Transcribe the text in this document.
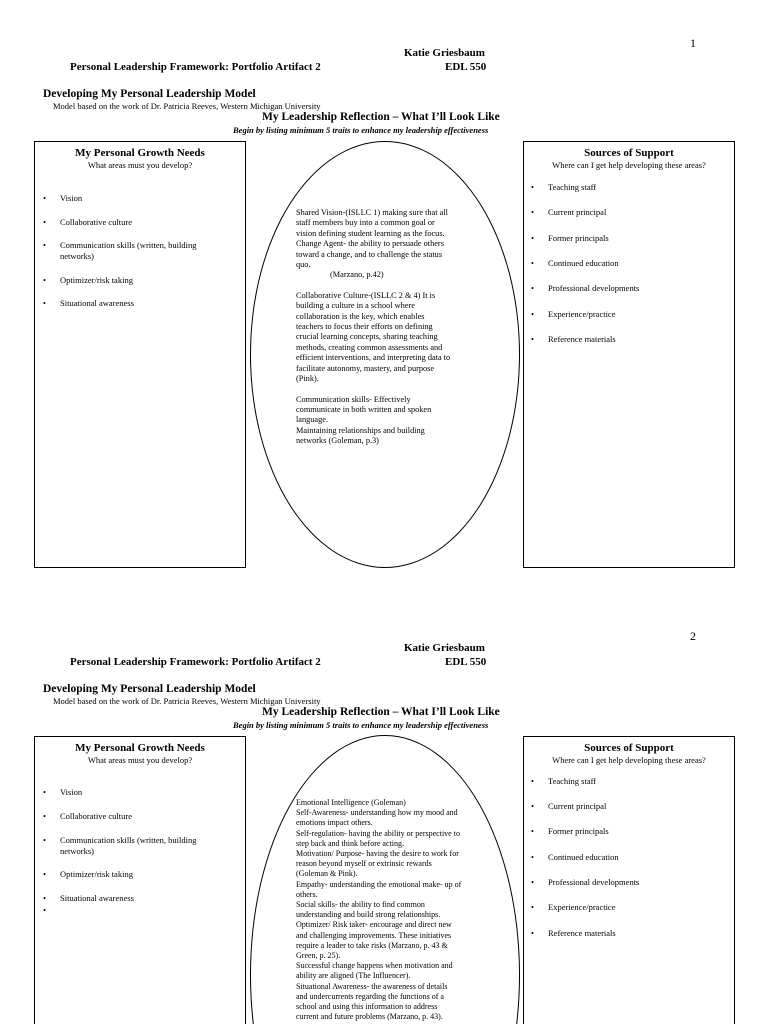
1
Katie Griesbaum
Personal Leadership Framework: Portfolio Artifact 2	EDL 550
Developing My Personal Leadership Model
Model based on the work of Dr. Patricia Reeves, Western Michigan University
My Leadership Reflection – What I’ll Look Like
Begin by listing minimum 5 traits to enhance my leadership effectiveness
My Personal Growth Needs
What areas must you develop?
• Vision
• Collaborative culture
• Communication skills (written, building
networks)
• Optimizer/risk taking
• Situational awareness
Sources of Support
Where can I get help developing these areas?
• Teaching staff
• Current principal
• Former principals
• Continued education
• Professional developments
• Experience/practice
• Reference materials
Shared Vision-(ISLLC 1) making sure that all
staff members buy into a common goal or
vision defining student learning as the focus.
Change Agent- the ability to persuade others
toward a change, and to challenge the status
quo.
(Marzano, p.42)
Collaborative Culture-(ISLLC 2 & 4) It is
building a culture in a school where
collaboration is the key, which enables
teachers to focus their efforts on defining
crucial learning concepts, sharing teaching
methods, creating common assessments and
efficient interventions, and interpreting data to
facilitate autonomy, mastery, and purpose
(Pink).
Communication skills- Effectively
communicate in both written and spoken
language.
Maintaining relationships and building
networks (Goleman, p.3)
2
Katie Griesbaum
Personal Leadership Framework: Portfolio Artifact 2	EDL 550
Developing My Personal Leadership Model
Model based on the work of Dr. Patricia Reeves, Western Michigan University
My Leadership Reflection – What I’ll Look Like
Begin by listing minimum 5 traits to enhance my leadership effectiveness
My Personal Growth Needs
What areas must you develop?
• Vision
• Collaborative culture
• Communication skills (written, building
networks)
• Optimizer/risk taking
• Situational awareness
•
Sources of Support
Where can I get help developing these areas?
• Teaching staff
• Current principal
• Former principals
• Continued education
• Professional developments
• Experience/practice
• Reference materials
Emotional Intelligence (Goleman)
Self-Awareness- understanding how my mood and
emotions impact others.
Self-regulation- having the ability or perspective to
step back and think before acting.
Motivation/ Purpose- having the desire to work for
reason beyond myself or extrinsic rewards
(Goleman & Pink).
Empathy- understanding the emotional make- up of
others.
Social skills- the ability to find common
understanding and build strong relationships.
Optimizer/ Risk taker- encourage and direct new
and challenging improvements. These initiatives
require a leader to take risks (Marzano, p. 43 &
Green, p. 25).
Successful change happens when motivation and
ability are aligned (The Influencer).
Situational Awareness- the awareness of details
and undercurrents regarding the functions of a
school and using this information to address
current and future problems (Marzano, p. 43).
